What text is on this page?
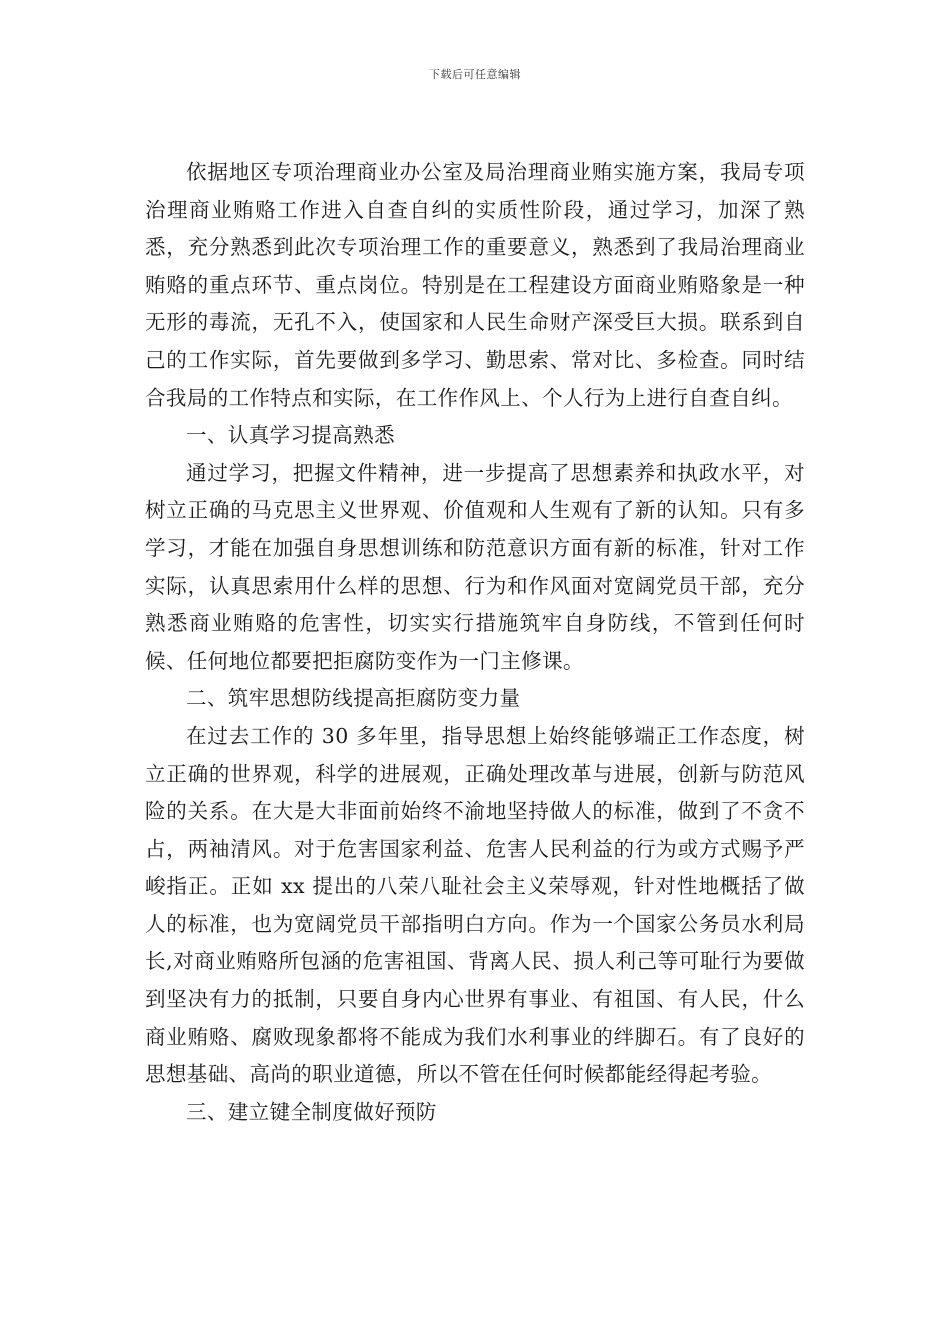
下载后可任意编辑

依据地区专项治理商业办公室及局治理商业贿实施方案，我局专项治理商业贿赂工作进入自查自纠的实质性阶段，通过学习，加深了熟悉，充分熟悉到此次专项治理工作的重要意义，熟悉到了我局治理商业贿赂的重点环节、重点岗位。特别是在工程建设方面商业贿赂象是一种无形的毒流，无孔不入，使国家和人民生命财产深受巨大损。联系到自己的工作实际，首先要做到多学习、勤思索、常对比、多检查。同时结合我局的工作特点和实际，在工作作风上、个人行为上进行自查自纠。

一、认真学习提高熟悉

通过学习，把握文件精神，进一步提高了思想素养和执政水平，对树立正确的马克思主义世界观、价值观和人生观有了新的认知。只有多学习，才能在加强自身思想训练和防范意识方面有新的标准，针对工作实际，认真思索用什么样的思想、行为和作风面对宽阔党员干部，充分熟悉商业贿赂的危害性，切实实行措施筑牢自身防线，不管到任何时候、任何地位都要把拒腐防变作为一门主修课。

二、筑牢思想防线提高拒腐防变力量

在过去工作的 30 多年里，指导思想上始终能够端正工作态度，树立正确的世界观，科学的进展观，正确处理改革与进展，创新与防范风险的关系。在大是大非面前始终不渝地坚持做人的标准，做到了不贪不占，两袖清风。对于危害国家利益、危害人民利益的行为或方式赐予严峻指正。正如 xx 提出的八荣八耻社会主义荣辱观，针对性地概括了做人的标准，也为宽阔党员干部指明白方向。作为一个国家公务员水利局长,对商业贿赂所包涵的危害祖国、背离人民、损人利己等可耻行为要做到坚决有力的抵制，只要自身内心世界有事业、有祖国、有人民，什么商业贿赂、腐败现象都将不能成为我们水利事业的绊脚石。有了良好的思想基础、高尚的职业道德，所以不管在任何时候都能经得起考验。

三、建立键全制度做好预防
